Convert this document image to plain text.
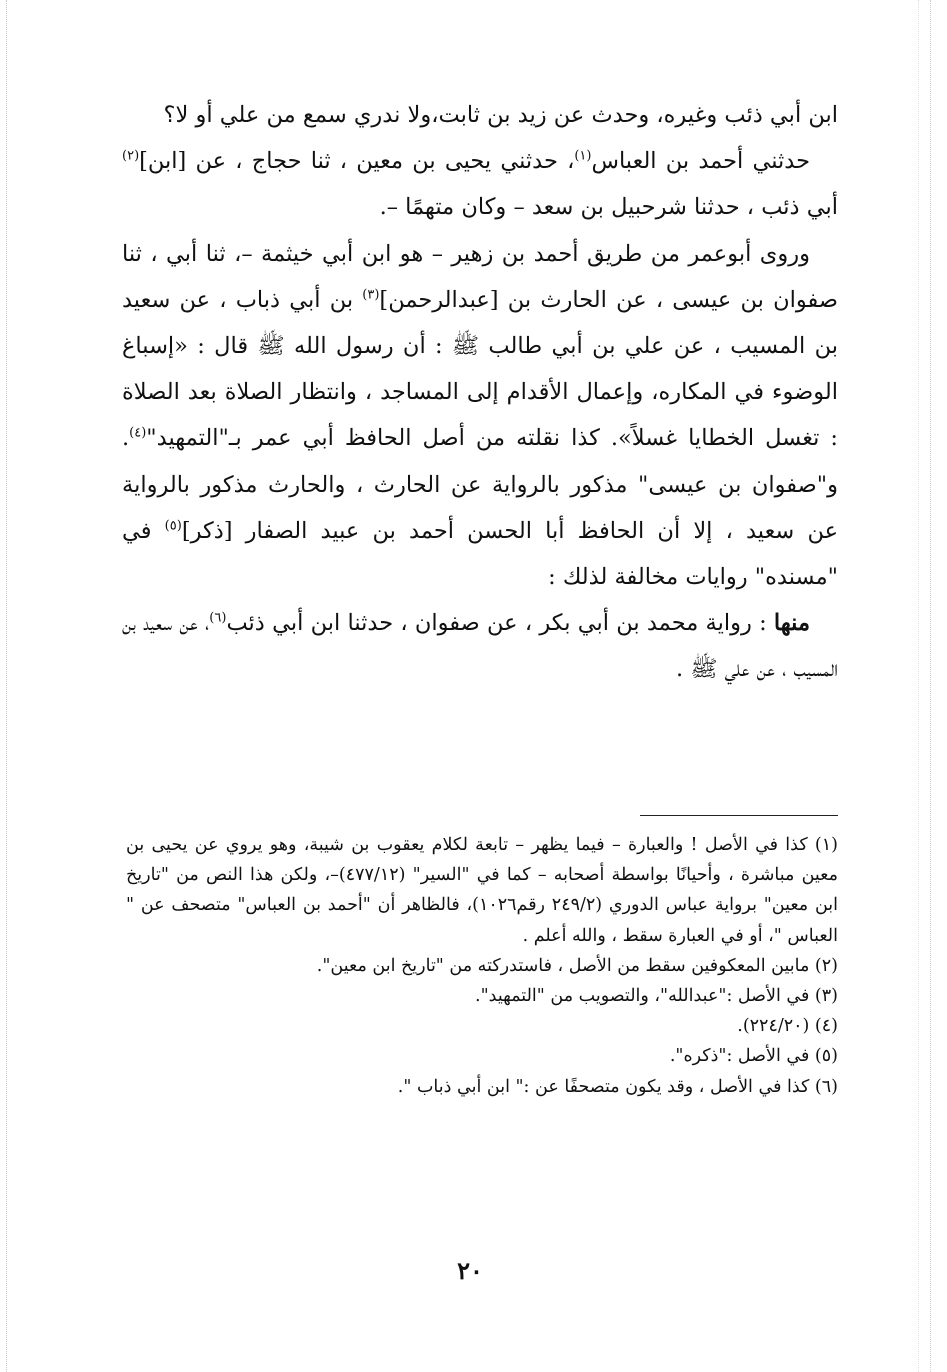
ابن أبي ذئب وغيره، وحدث عن زيد بن ثابت،ولا ندري سمع من علي أو لا؟

حدثني أحمد بن العباس$^{(١)}$، حدثني يحيى بن معين ، ثنا حجاج ، عن [ابن]$^{(٢)}$ أبي ذئب ، حدثنا شرحبيل بن سعد – وكان متهمًا –.

وروى أبوعمر من طريق أحمد بن زهير – هو ابن أبي خيثمة –، ثنا أبي ، ثنا صفوان بن عيسى ، عن الحارث بن [عبدالرحمن]$^{(٣)}$ بن أبي ذباب ، عن سعيد بن المسيب ، عن علي بن أبي طالب ﷺ : أن رسول الله ﷺ قال : «إسباغ الوضوء في المكاره، وإعمال الأقدام إلى المساجد ، وانتظار الصلاة بعد الصلاة : تغسل الخطايا غسلاً». كذا نقلته من أصل الحافظ أبي عمر بـ"التمهيد"$^{(٤)}$. و"صفوان بن عيسى" مذكور بالرواية عن الحارث ، والحارث مذكور بالرواية عن سعيد ، إلا أن الحافظ أبا الحسن أحمد بن عبيد الصفار [ذكر]$^{(٥)}$ في "مسنده" روايات مخالفة لذلك :

منها : رواية محمد بن أبي بكر ، عن صفوان ، حدثنا ابن أبي ذئب$^{(٦)}$، عن سعيد بن المسيب ، عن علي ﷺ .

(١) كذا في الأصل ! والعبارة – فيما يظهر – تابعة لكلام يعقوب بن شيبة، وهو يروي عن يحيى بن معين مباشرة ، وأحيانًا بواسطة أصحابه – كما في "السير" (٤٧٧/١٢)–، ولكن هذا النص من "تاريخ ابن معين" برواية عباس الدوري (٢٤٩/٢ رقم١٠٢٦)، فالظاهر أن "أحمد بن العباس" متصحف عن " العباس "، أو في العبارة سقط ، والله أعلم .

(٢) مابين المعكوفين سقط من الأصل ، فاستدركته من "تاريخ ابن معين".

(٣) في الأصل :"عبدالله"، والتصويب من "التمهيد".

(٤) (٢٢٤/٢٠).

(٥) في الأصل :"ذكره".

(٦) كذا في الأصل ، وقد يكون متصحفًا عن :" ابن أبي ذباب ".

٢٠
